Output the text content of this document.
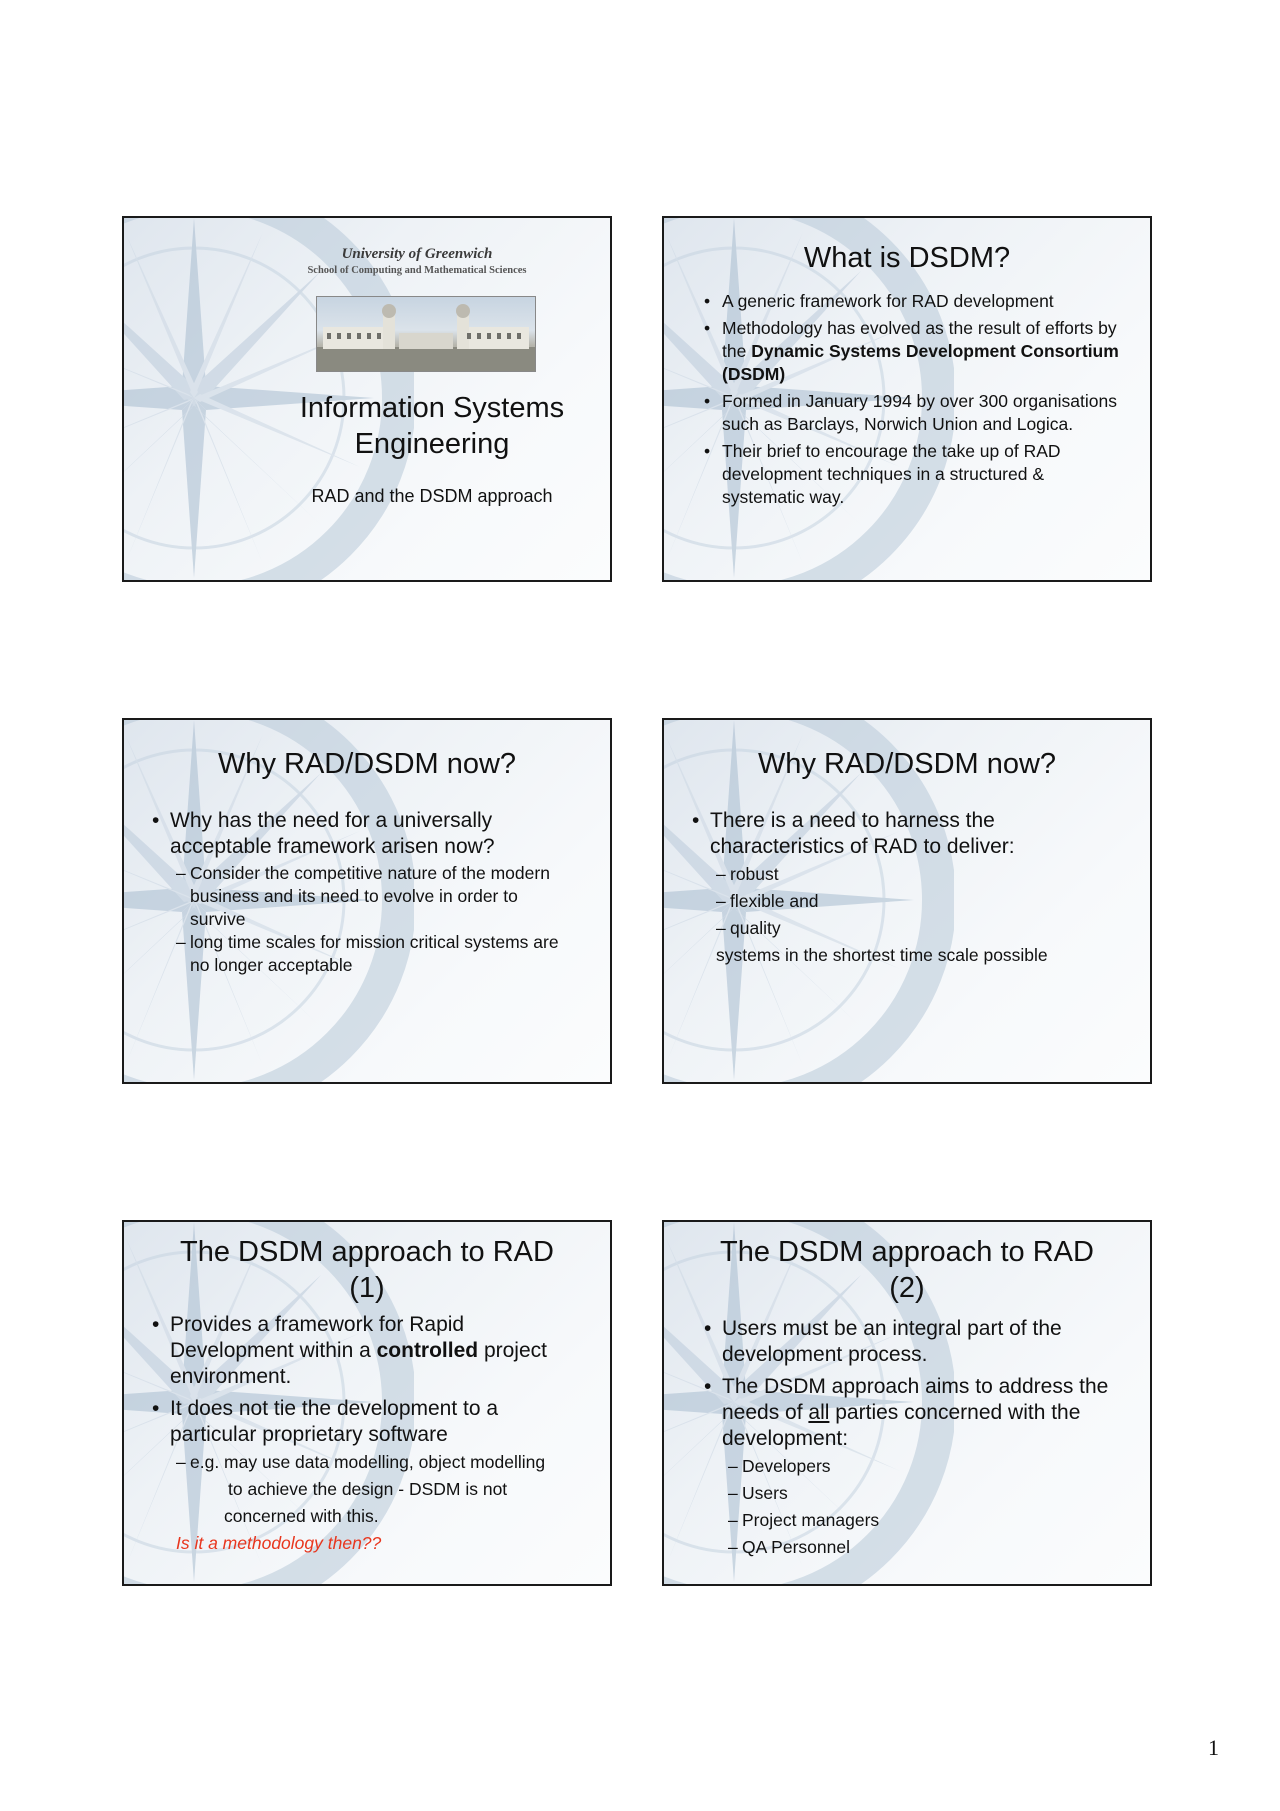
University of Greenwich
School of Computing and Mathematical Sciences
Information Systems
Engineering
RAD and the DSDM approach
What is DSDM?
• A generic framework for RAD development
• Methodology has evolved as the result of efforts by the Dynamic Systems Development Consortium (DSDM)
• Formed in January 1994 by over 300 organisations such as Barclays, Norwich Union and Logica.
• Their brief to encourage the take up of RAD development techniques in a structured & systematic way.
Why RAD/DSDM now?
• Why has the need for a universally acceptable framework arisen now?
– Consider the competitive nature of the modern business and its need to evolve in order to survive
– long time scales for mission critical systems are no longer acceptable
Why RAD/DSDM now?
• There is a need to harness the characteristics of RAD to deliver:
– robust
– flexible and
– quality
systems in the shortest time scale possible
The DSDM approach to RAD
(1)
• Provides a framework for Rapid Development within a controlled project environment.
• It does not tie the development to a particular proprietary software
– e.g. may use data modelling, object modelling
to achieve the design - DSDM is not
concerned with this.
Is it a methodology then??
The DSDM approach to RAD
(2)
• Users must be an integral part of the development process.
• The DSDM approach aims to address the needs of all parties concerned with the development:
– Developers
– Users
– Project managers
– QA Personnel
1
